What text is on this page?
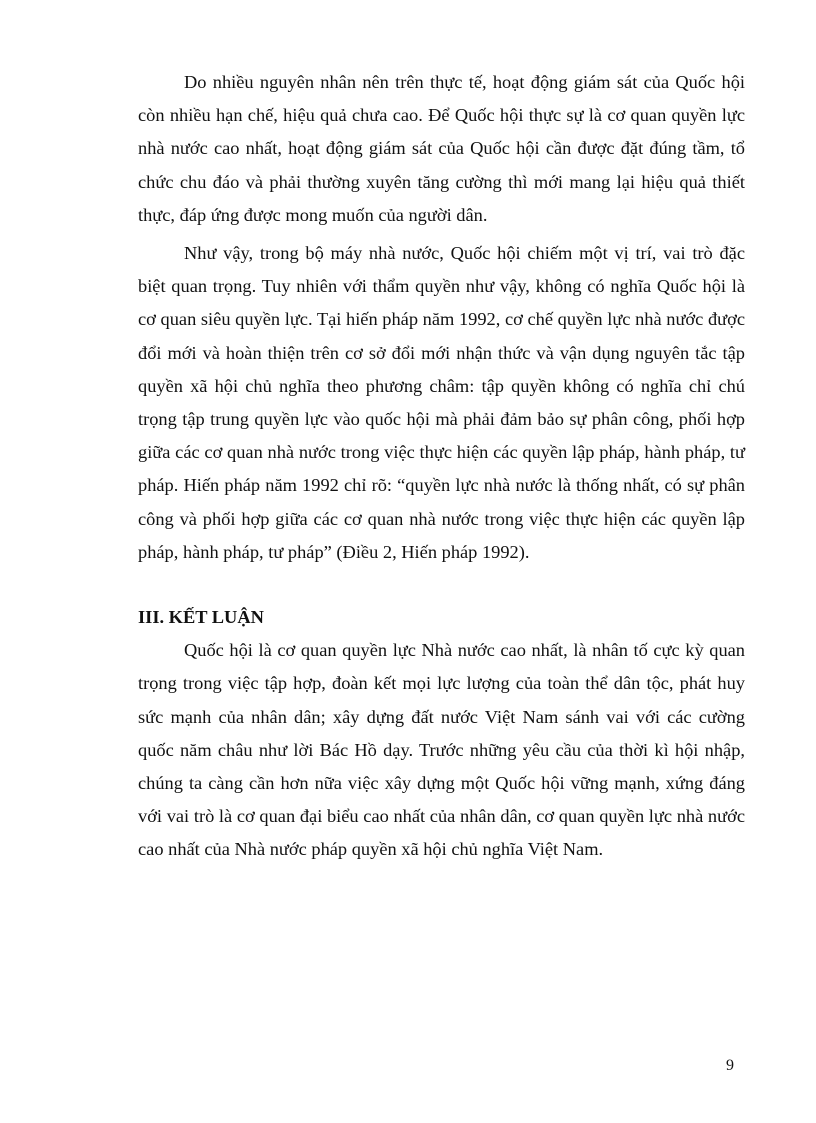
Do nhiều nguyên nhân nên trên thực tế, hoạt động giám sát của Quốc hội còn nhiều hạn chế, hiệu quả chưa cao. Để Quốc hội thực sự là cơ quan quyền lực nhà nước cao nhất, hoạt động giám sát của Quốc hội cần được đặt đúng tầm, tổ chức chu đáo và phải thường xuyên tăng cường thì mới mang lại hiệu quả thiết thực, đáp ứng được mong muốn của người dân.

Như vậy, trong bộ máy nhà nước, Quốc hội chiếm một vị trí, vai trò đặc biệt quan trọng. Tuy nhiên với thẩm quyền như vậy, không có nghĩa Quốc hội là cơ quan siêu quyền lực. Tại hiến pháp năm 1992, cơ chế quyền lực nhà nước được đổi mới và hoàn thiện trên cơ sở đổi mới nhận thức và vận dụng nguyên tắc tập quyền xã hội chủ nghĩa theo phương châm: tập quyền không có nghĩa chỉ chú trọng tập trung quyền lực vào quốc hội mà phải đảm bảo sự phân công, phối hợp giữa các cơ quan nhà nước trong việc thực hiện các quyền lập pháp, hành pháp, tư pháp. Hiến pháp năm 1992 chỉ rõ: “quyền lực nhà nước là thống nhất, có sự phân công và phối hợp giữa các cơ quan nhà nước trong việc thực hiện các quyền lập pháp, hành pháp, tư pháp” (Điều 2, Hiến pháp 1992).

III. KẾT LUẬN

Quốc hội là cơ quan quyền lực Nhà nước cao nhất, là nhân tố cực kỳ quan trọng trong việc tập hợp, đoàn kết mọi lực lượng của toàn thể dân tộc, phát huy sức mạnh của nhân dân; xây dựng đất nước Việt Nam sánh vai với các cường quốc năm châu như lời Bác Hồ dạy. Trước những yêu cầu của thời kì hội nhập, chúng ta càng cần hơn nữa việc xây dựng một Quốc hội vững mạnh, xứng đáng với vai trò là cơ quan đại biểu cao nhất của nhân dân, cơ quan quyền lực nhà nước cao nhất của Nhà nước pháp quyền xã hội chủ nghĩa Việt Nam.

9
